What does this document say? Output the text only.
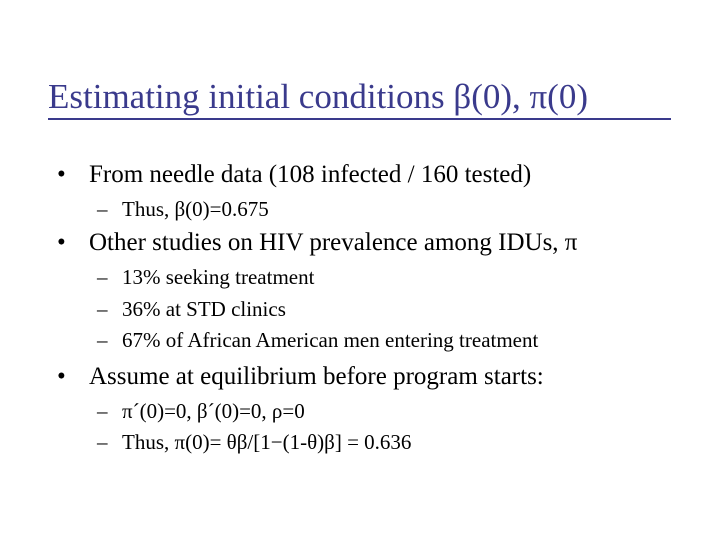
Estimating initial conditions β(0), π(0)
• From needle data (108 infected / 160 tested)
– Thus, β(0)=0.675
• Other studies on HIV prevalence among IDUs, π
– 13% seeking treatment
– 36% at STD clinics
– 67% of African American men entering treatment
• Assume at equilibrium before program starts:
– π´(0)=0, β´(0)=0, ρ=0
– Thus, π(0)= θβ/[1−(1-θ)β] = 0.636
